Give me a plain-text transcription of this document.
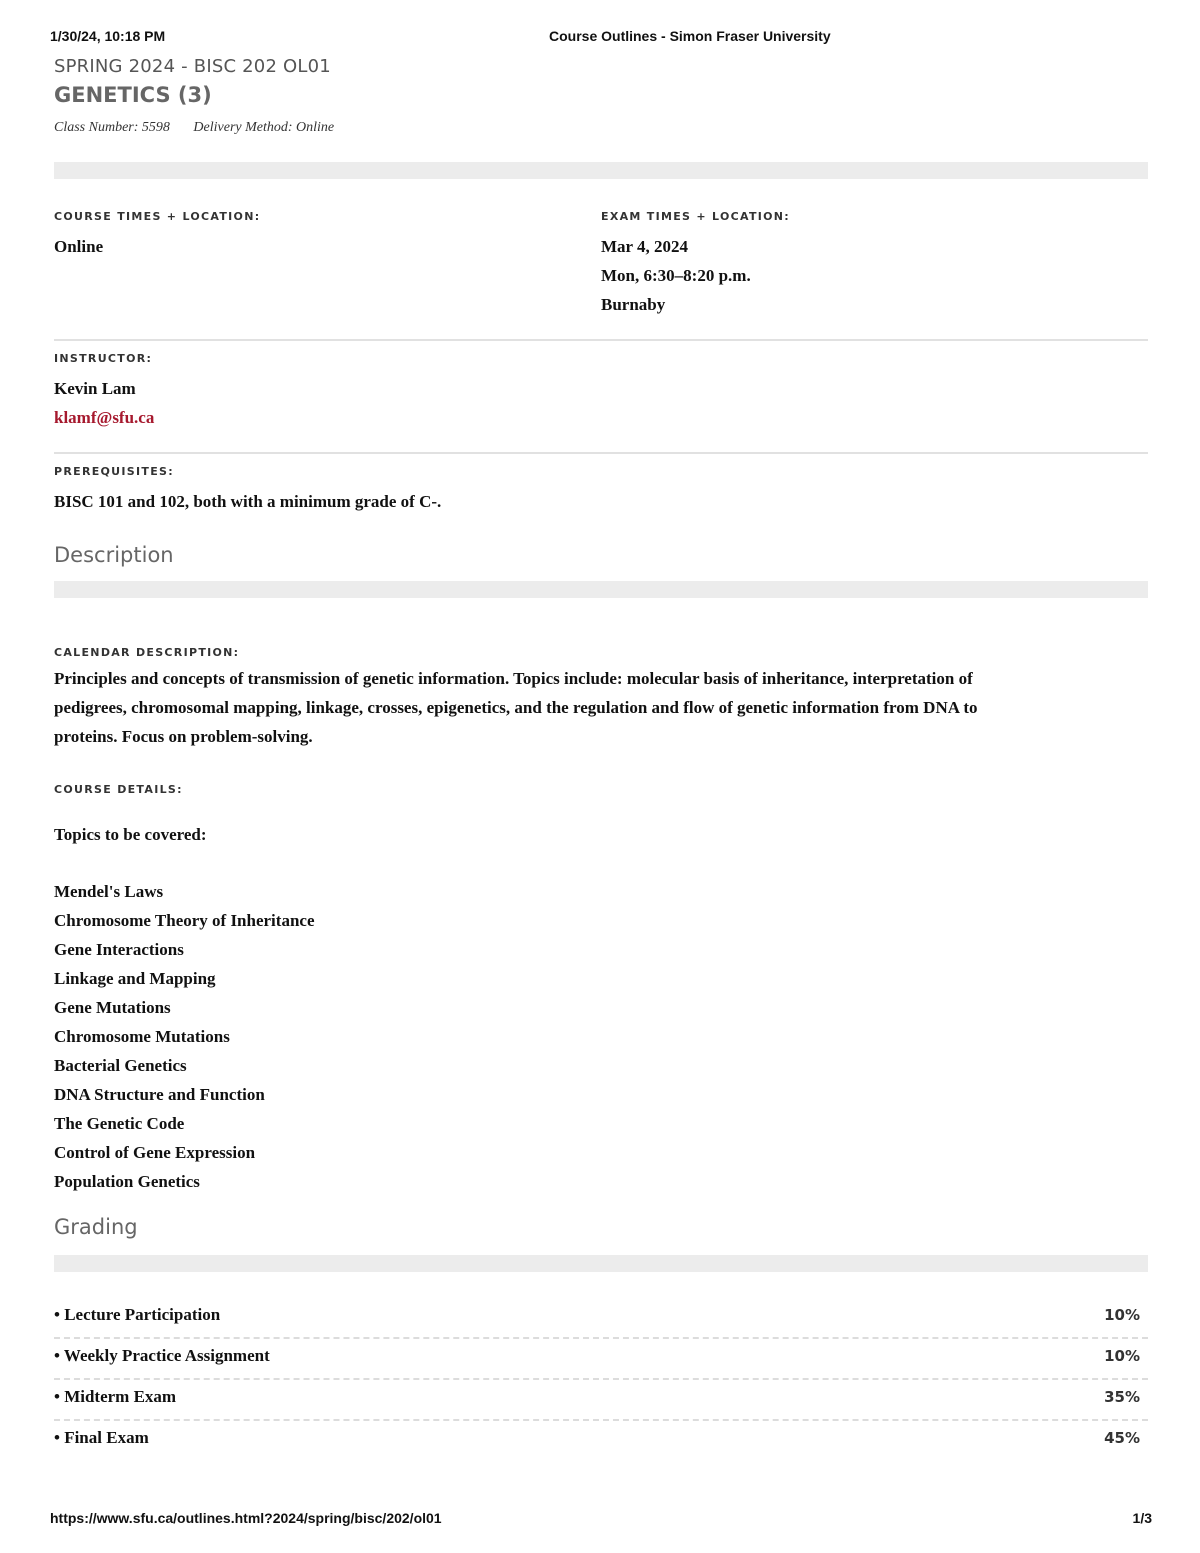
1/30/24, 10:18 PM	Course Outlines - Simon Fraser University
SPRING 2024 - BISC 202 OL01
GENETICS (3)
Class Number: 5598 Delivery Method: Online
COURSE TIMES + LOCATION:
Online
EXAM TIMES + LOCATION:
Mar 4, 2024
Mon, 6:30–8:20 p.m.
Burnaby
INSTRUCTOR:
Kevin Lam
klamf@sfu.ca
PREREQUISITES:
BISC 101 and 102, both with a minimum grade of C-.
Description
CALENDAR DESCRIPTION:
Principles and concepts of transmission of genetic information. Topics include: molecular basis of inheritance, interpretation of
pedigrees, chromosomal mapping, linkage, crosses, epigenetics, and the regulation and flow of genetic information from DNA to
proteins. Focus on problem-solving.
COURSE DETAILS:
Topics to be covered:
Mendel's Laws
Chromosome Theory of Inheritance
Gene Interactions
Linkage and Mapping
Gene Mutations
Chromosome Mutations
Bacterial Genetics
DNA Structure and Function
The Genetic Code
Control of Gene Expression
Population Genetics
Grading
• Lecture Participation	10%
• Weekly Practice Assignment	10%
• Midterm Exam	35%
• Final Exam	45%
https://www.sfu.ca/outlines.html?2024/spring/bisc/202/ol01	1/3
